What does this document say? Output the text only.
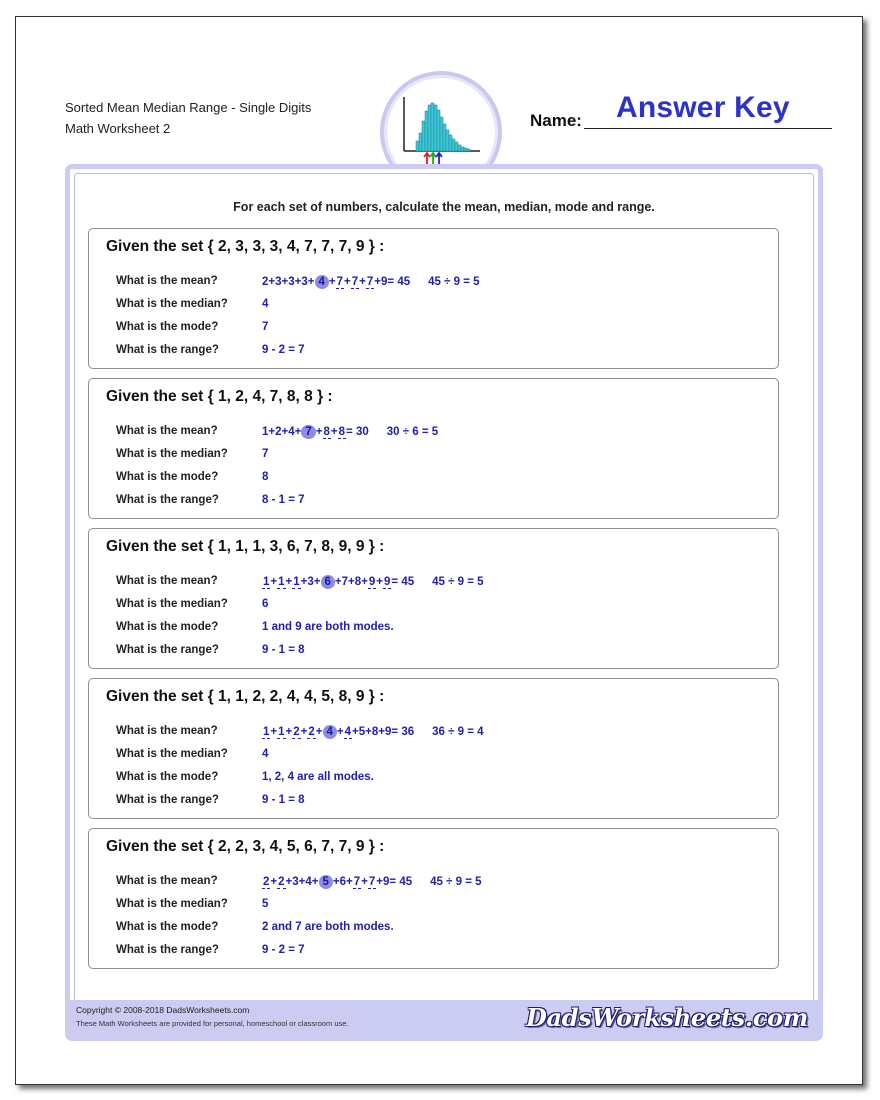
Sorted Mean Median Range - Single Digits
Math Worksheet 2	Name: Answer Key
For each set of numbers, calculate the mean, median, mode and range.
Given the set { 2, 3, 3, 3, 4, 7, 7, 7, 9 } :
What is the mean?
What is the median?
What is the mode?
What is the range?
2+3+3+3+ 4 +7+7+7+9= 45 45 ÷ 9 = 5
4
7
9 - 2 = 7
Given the set { 1, 2, 4, 7, 8, 8 } :
What is the mean?
What is the median?
What is the mode?
What is the range?
1+2+4+ 7 +8+8= 30 30 ÷ 6 = 5
7
8
8 - 1 = 7
Given the set { 1, 1, 1, 3, 6, 7, 8, 9, 9 } :
What is the mean?
What is the median?
What is the mode?
What is the range?
1+1+1+3+ 6 +7+8+9+9= 45 45 ÷ 9 = 5
6
1 and 9 are both modes.
9 - 1 = 8
Given the set { 1, 1, 2, 2, 4, 4, 5, 8, 9 } :
What is the mean?
What is the median?
What is the mode?
What is the range?
1+1+2+2+ 4 +4+5+8+9= 36 36 ÷ 9 = 4
4
1, 2, 4 are all modes.
9 - 1 = 8
Given the set { 2, 2, 3, 4, 5, 6, 7, 7, 9 } :
What is the mean?
What is the median?
What is the mode?
What is the range?
2+2+3+4+ 5 +6+7+7+9= 45 45 ÷ 9 = 5
5
2 and 7 are both modes.
9 - 2 = 7
Copyright © 2008-2018 DadsWorksheets.com
These Math Worksheets are provided for personal, homeschool or classroom use.	DadsWorksheets.com
